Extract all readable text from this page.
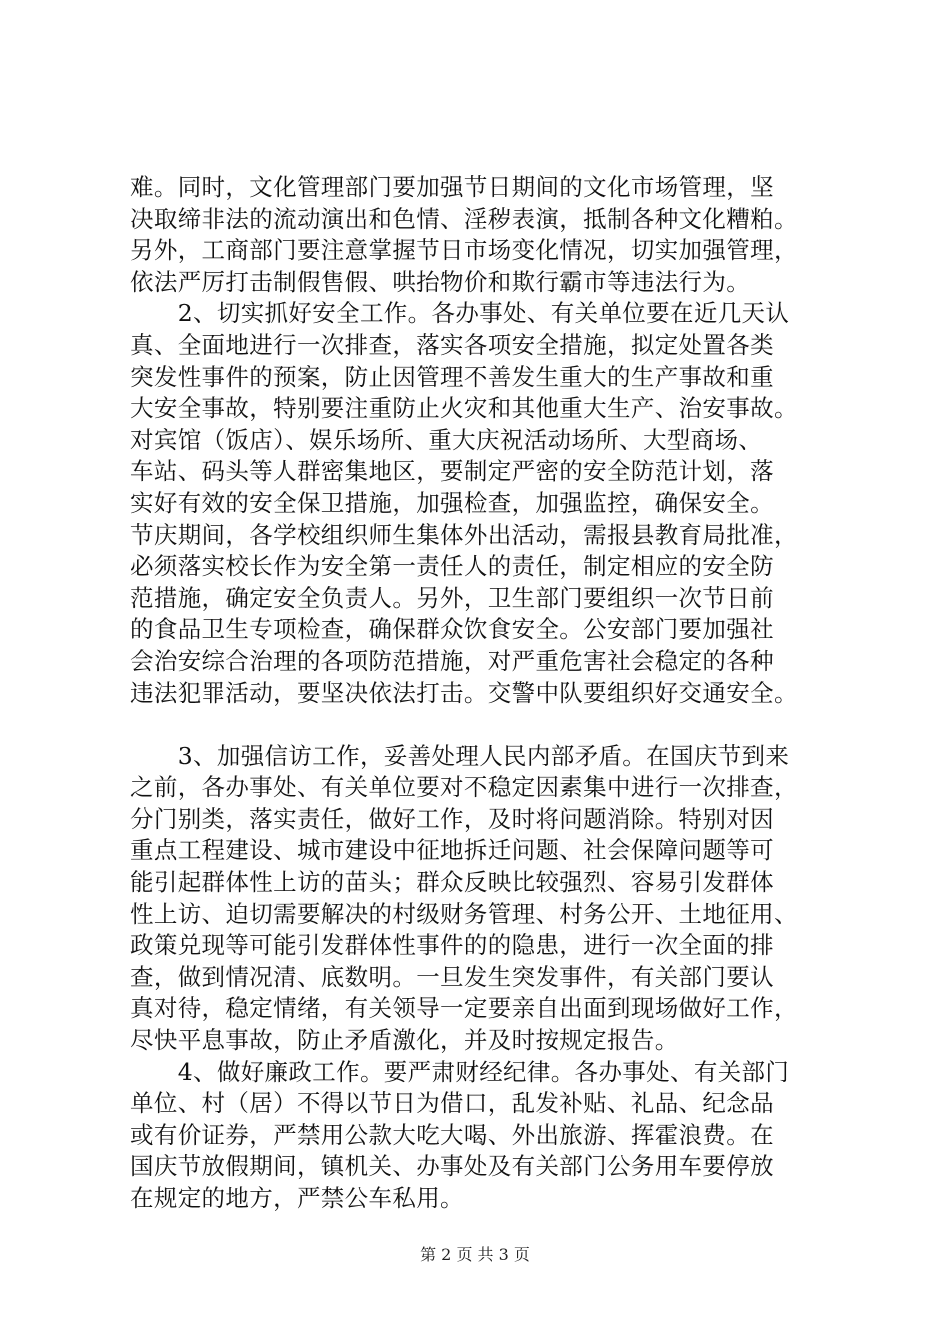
难。同时，文化管理部门要加强节日期间的文化市场管理，坚
决取缔非法的流动演出和色情、淫秽表演，抵制各种文化糟粕。
另外，工商部门要注意掌握节日市场变化情况，切实加强管理，
依法严厉打击制假售假、哄抬物价和欺行霸市等违法行为。
　　2、切实抓好安全工作。各办事处、有关单位要在近几天认
真、全面地进行一次排查，落实各项安全措施，拟定处置各类
突发性事件的预案，防止因管理不善发生重大的生产事故和重
大安全事故，特别要注重防止火灾和其他重大生产、治安事故。
对宾馆（饭店）、娱乐场所、重大庆祝活动场所、大型商场、
车站、码头等人群密集地区，要制定严密的安全防范计划，落
实好有效的安全保卫措施，加强检查，加强监控，确保安全。
节庆期间，各学校组织师生集体外出活动，需报县教育局批准，
必须落实校长作为安全第一责任人的责任，制定相应的安全防
范措施，确定安全负责人。另外，卫生部门要组织一次节日前
的食品卫生专项检查，确保群众饮食安全。公安部门要加强社
会治安综合治理的各项防范措施，对严重危害社会稳定的各种
违法犯罪活动，要坚决依法打击。交警中队要组织好交通安全。
　　3、加强信访工作，妥善处理人民内部矛盾。在国庆节到来
之前，各办事处、有关单位要对不稳定因素集中进行一次排查，
分门别类，落实责任，做好工作，及时将问题消除。特别对因
重点工程建设、城市建设中征地拆迁问题、社会保障问题等可
能引起群体性上访的苗头；群众反映比较强烈、容易引发群体
性上访、迫切需要解决的村级财务管理、村务公开、土地征用、
政策兑现等可能引发群体性事件的的隐患，进行一次全面的排
查，做到情况清、底数明。一旦发生突发事件，有关部门要认
真对待，稳定情绪，有关领导一定要亲自出面到现场做好工作，
尽快平息事故，防止矛盾激化，并及时按规定报告。
　　4、做好廉政工作。要严肃财经纪律。各办事处、有关部门
单位、村（居）不得以节日为借口，乱发补贴、礼品、纪念品
或有价证券，严禁用公款大吃大喝、外出旅游、挥霍浪费。在
国庆节放假期间，镇机关、办事处及有关部门公务用车要停放
在规定的地方，严禁公车私用。
第 2 页 共 3 页
